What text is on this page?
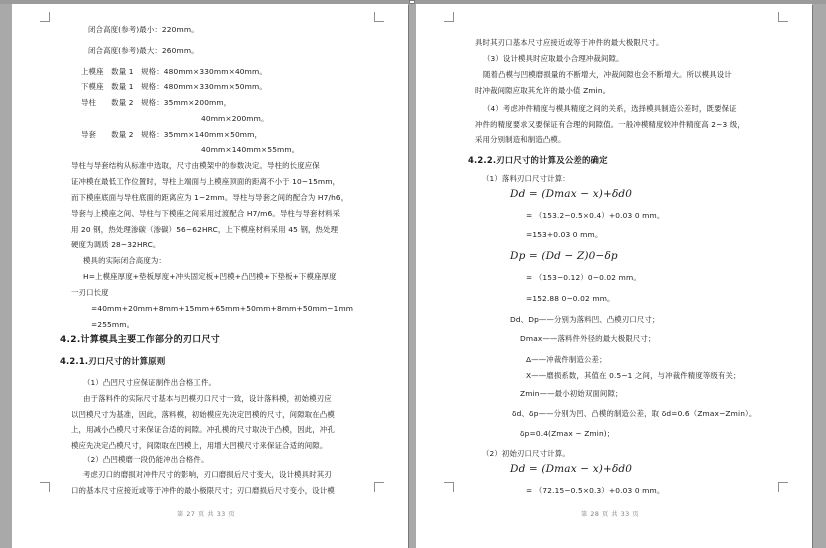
闭合高度(参考)最小：220mm。
闭合高度(参考)最大：260mm。
上模座　数量 1　规格：480mm×330mm×40mm。
下模座　数量 1　规格：480mm×330mm×50mm。
导柱　　数量 2　规格：35mm×200mm，
40mm×200mm。
导套　　数量 2　规格：35mm×140mm×50mm，
40mm×140mm×55mm。
导柱与导套结构从标准中选取，尺寸由模架中的参数决定。导柱的长度应保
证冲模在最低工作位置时，导柱上端面与上模座顶面的距离不小于 10~15mm，
而下模座底面与导柱底面的距离应为 1~2mm。导柱与导套之间的配合为 H7/h6，
导套与上模座之间、导柱与下模座之间采用过渡配合 H7/m6。导柱与导套材料采
用 20 钢，热处理渗碳（渗碳）56~62HRC，上下模座材料采用 45 钢，热处理
硬度为调质 28~32HRC。
模具的实际闭合高度为：
H=上模座厚度+垫板厚度+冲头固定板+凹模+凸凹模+下垫板+下模座厚度
一刃口长度
=40mm+20mm+8mm+15mm+65mm+50mm+8mm+50mm−1mm
=255mm。
4.2.计算模具主要工作部分的刃口尺寸
4.2.1.刃口尺寸的计算原则
（1）凸凹尺寸应保证制件出合格工件。
由于落料件的实际尺寸基本与凹模刃口尺寸一致，设计落料模，初始模刃应
以凹模尺寸为基准，因此，落料模，初始模应先决定凹模的尺寸，间隙取在凸模
上，用减小凸模尺寸来保证合适的间隙。冲孔模的尺寸取决于凸模，因此，冲孔
模应先决定凸模尺寸，间隙取在凹模上，用增大凹模尺寸来保证合适的间隙。
（2）凸凹模磨一段仍能冲出合格件。
考虑刃口的磨损对冲件尺寸的影响，刃口磨损后尺寸变大，设计模具时其刃
口的基本尺寸应接近或等于冲件的最小极限尺寸；刃口磨损后尺寸变小，设计模
第 27 页 共 33 页
具时其刃口基本尺寸应接近或等于冲件的最大极限尺寸。
（3）设计模具时应取最小合理冲裁间隙。
随着凸模与凹模磨损量的不断增大，冲裁间隙也会不断增大。所以模具设计
时冲裁间隙应取其允许的最小值 Zmin。
（4）考虑冲件精度与模具精度之间的关系，选择模具制造公差时，既要保证
冲件的精度要求又要保证有合理的间隙值。一般冲模精度较冲件精度高 2~3 级，
采用分别制造和制造凸模。
4.2.2.刃口尺寸的计算及公差的确定
（1）落料刃口尺寸计算：
Dd = (Dmax − x)+δd0
= （153.2−0.5×0.4）+0.03 0 mm。
=153+0.03 0 mm。
Dp = (Dd − Z)0−δp
= （153−0.12）0−0.02 mm。
=152.88 0−0.02 mm。
Dd、Dp——分别为落料凹、凸模刃口尺寸；
Dmax——落料件外径的最大极限尺寸；
Δ——冲裁件制造公差；
X——磨损系数，其值在 0.5~1 之间，与冲裁件精度等级有关；
Zmin——最小初始双面间隙；
δd、δp——分别为凹、凸模的制造公差，取 δd=0.6（Zmax−Zmin）。
δp=0.4(Zmax − Zmin)；
（2）初始刃口尺寸计算。
Dd = (Dmax − x)+δd0
= （72.15−0.5×0.3）+0.03 0 mm。
第 28 页 共 33 页
